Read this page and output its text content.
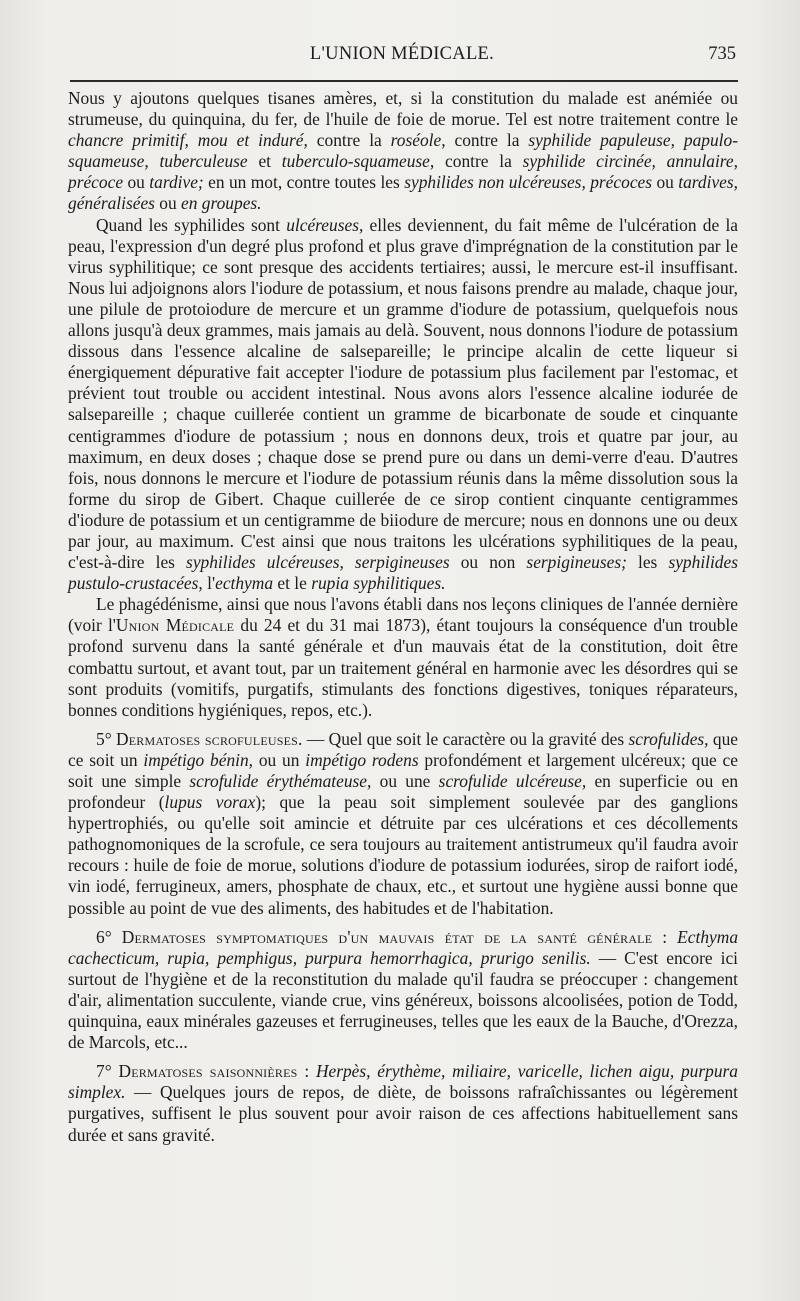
L'UNION MÉDICALE.	735

Nous y ajoutons quelques tisanes amères, et, si la constitution du malade est anémiée ou strumeuse, du quinquina, du fer, de l'huile de foie de morue. Tel est notre traitement contre le chancre primitif, mou et induré, contre la roséole, contre la syphilide papuleuse, papulo-squameuse, tuberculeuse et tuberculo-squameuse, contre la syphilide circinée, annulaire, précoce ou tardive; en un mot, contre toutes les syphilides non ulcéreuses, précoces ou tardives, généralisées ou en groupes.

Quand les syphilides sont ulcéreuses, elles deviennent, du fait même de l'ulcération de la peau, l'expression d'un degré plus profond et plus grave d'imprégnation de la constitution par le virus syphilitique; ce sont presque des accidents tertiaires; aussi, le mercure est-il insuffisant. Nous lui adjoignons alors l'iodure de potassium, et nous faisons prendre au malade, chaque jour, une pilule de protoiodure de mercure et un gramme d'iodure de potassium, quelquefois nous allons jusqu'à deux grammes, mais jamais au delà. Souvent, nous donnons l'iodure de potassium dissous dans l'essence alcaline de salsepareille; le principe alcalin de cette liqueur si énergiquement dépurative fait accepter l'iodure de potassium plus facilement par l'estomac, et prévient tout trouble ou accident intestinal. Nous avons alors l'essence alcaline iodurée de salsepareille ; chaque cuillerée contient un gramme de bicarbonate de soude et cinquante centigrammes d'iodure de potassium ; nous en donnons deux, trois et quatre par jour, au maximum, en deux doses ; chaque dose se prend pure ou dans un demi-verre d'eau. D'autres fois, nous donnons le mercure et l'iodure de potassium réunis dans la même dissolution sous la forme du sirop de Gibert. Chaque cuillerée de ce sirop contient cinquante centigrammes d'iodure de potassium et un centigramme de biiodure de mercure; nous en donnons une ou deux par jour, au maximum. C'est ainsi que nous traitons les ulcérations syphilitiques de la peau, c'est-à-dire les syphilides ulcéreuses, serpigineuses ou non serpigineuses; les syphilides pustulo-crustacées, l'ecthyma et le rupia syphilitiques.

Le phagédénisme, ainsi que nous l'avons établi dans nos leçons cliniques de l'année dernière (voir l'Union Médicale du 24 et du 31 mai 1873), étant toujours la conséquence d'un trouble profond survenu dans la santé générale et d'un mauvais état de la constitution, doit être combattu surtout, et avant tout, par un traitement général en harmonie avec les désordres qui se sont produits (vomitifs, purgatifs, stimulants des fonctions digestives, toniques réparateurs, bonnes conditions hygiéniques, repos, etc.).

5° Dermatoses scrofuleuses. — Quel que soit le caractère ou la gravité des scrofulides, que ce soit un impétigo bénin, ou un impétigo rodens profondément et largement ulcéreux; que ce soit une simple scrofulide érythémateuse, ou une scrofulide ulcéreuse, en superficie ou en profondeur (lupus vorax); que la peau soit simplement soulevée par des ganglions hypertrophiés, ou qu'elle soit amincie et détruite par ces ulcérations et ces décollements pathognomoniques de la scrofule, ce sera toujours au traitement antistrumeux qu'il faudra avoir recours : huile de foie de morue, solutions d'iodure de potassium iodurées, sirop de raifort iodé, vin iodé, ferrugineux, amers, phosphate de chaux, etc., et surtout une hygiène aussi bonne que possible au point de vue des aliments, des habitudes et de l'habitation.

6° Dermatoses symptomatiques d'un mauvais état de la santé générale : Ecthyma cachecticum, rupia, pemphigus, purpura hemorrhagica, prurigo senilis. — C'est encore ici surtout de l'hygiène et de la reconstitution du malade qu'il faudra se préoccuper : changement d'air, alimentation succulente, viande crue, vins généreux, boissons alcoolisées, potion de Todd, quinquina, eaux minérales gazeuses et ferrugineuses, telles que les eaux de la Bauche, d'Orezza, de Marcols, etc...

7° Dermatoses saisonnières : Herpès, érythème, miliaire, varicelle, lichen aigu, purpura simplex. — Quelques jours de repos, de diète, de boissons rafraîchissantes ou légèrement purgatives, suffisent le plus souvent pour avoir raison de ces affections habituellement sans durée et sans gravité.
